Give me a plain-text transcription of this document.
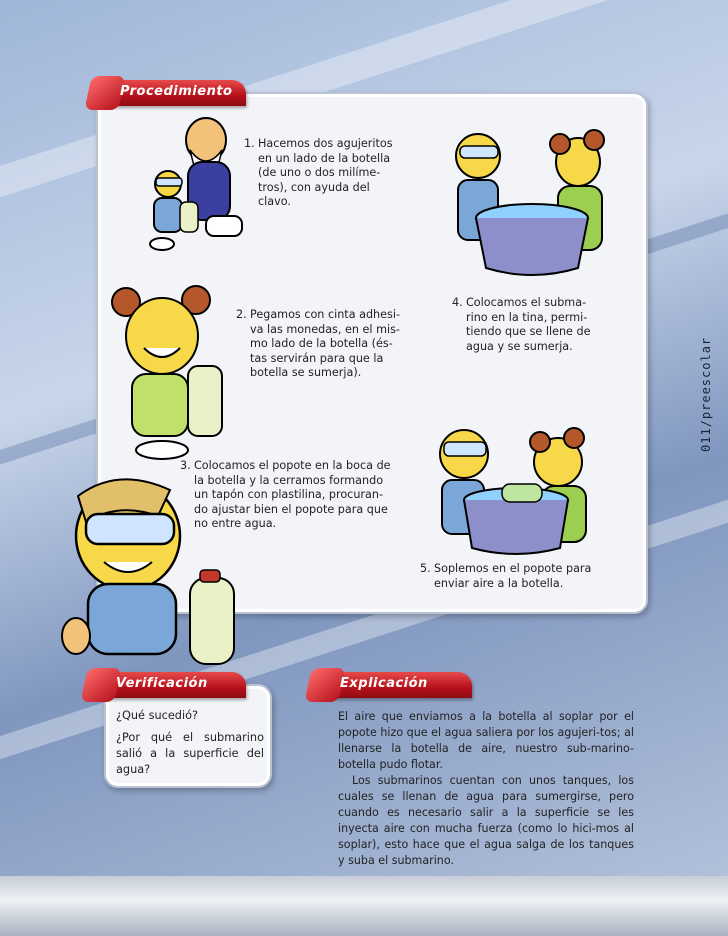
Procedimiento
1. Hacemos dos agujeritos
en un lado de la botella
(de uno o dos milíme-
tros), con ayuda del
clavo.
2. Pegamos con cinta adhesi-
va las monedas, en el mis-
mo lado de la botella (és-
tas servirán para que la
botella se sumerja).
3. Colocamos el popote en la boca de
la botella y la cerramos formando
un tapón con plastilina, procuran-
do ajustar bien el popote para que
no entre agua.
4. Colocamos el subma-
rino en la tina, permi-
tiendo que se llene de
agua y se sumerja.
5. Soplemos en el popote para
enviar aire a la botella.
011/preescolar
Verificación
¿Qué sucedió?
¿Por qué el submarino salió a la superficie del agua?
Explicación
El aire que enviamos a la botella al soplar por el popote hizo que el agua saliera por los agujeri-tos; al llenarse la botella de aire, nuestro sub-marino-botella pudo flotar.
Los submarinos cuentan con unos tanques, los cuales se llenan de agua para sumergirse, pero cuando es necesario salir a la superficie se les inyecta aire con mucha fuerza (como lo hici-mos al soplar), esto hace que el agua salga de los tanques y suba el submarino.
